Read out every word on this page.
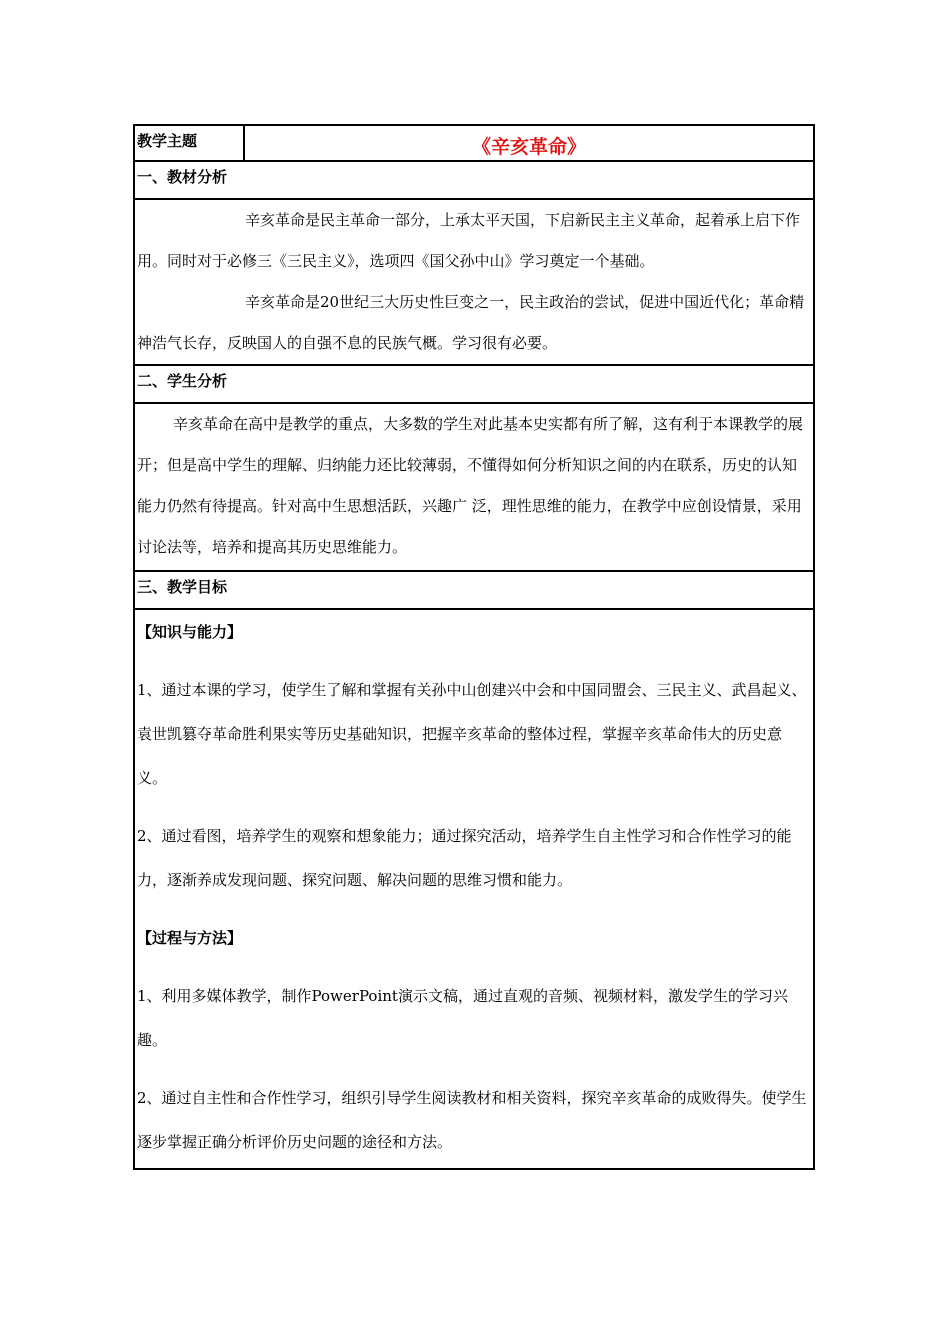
教学主题	《辛亥革命》
一、教材分析

辛亥革命是民主革命一部分，上承太平天国，下启新民主主义革命，起着承上启下作用。同时对于必修三《三民主义》，选项四《国父孙中山》学习奠定一个基础。

辛亥革命是20世纪三大历史性巨变之一，民主政治的尝试，促进中国近代化；革命精神浩气长存，反映国人的自强不息的民族气概。学习很有必要。

二、学生分析

辛亥革命在高中是教学的重点，大多数的学生对此基本史实都有所了解，这有利于本课教学的展开；但是高中学生的理解、归纳能力还比较薄弱，不懂得如何分析知识之间的内在联系，历史的认知能力仍然有待提高。针对高中生思想活跃，兴趣广 泛，理性思维的能力，在教学中应创设情景，采用讨论法等，培养和提高其历史思维能力。

三、教学目标

【知识与能力】

1、通过本课的学习，使学生了解和掌握有关孙中山创建兴中会和中国同盟会、三民主义、武昌起义、袁世凯篡夺革命胜利果实等历史基础知识，把握辛亥革命的整体过程，掌握辛亥革命伟大的历史意义。

2、通过看图，培养学生的观察和想象能力；通过探究活动，培养学生自主性学习和合作性学习的能力，逐渐养成发现问题、探究问题、解决问题的思维习惯和能力。

【过程与方法】

1、利用多媒体教学，制作PowerPoint演示文稿，通过直观的音频、视频材料，激发学生的学习兴趣。

2、通过自主性和合作性学习，组织引导学生阅读教材和相关资料，探究辛亥革命的成败得失。使学生逐步掌握正确分析评价历史问题的途径和方法。
